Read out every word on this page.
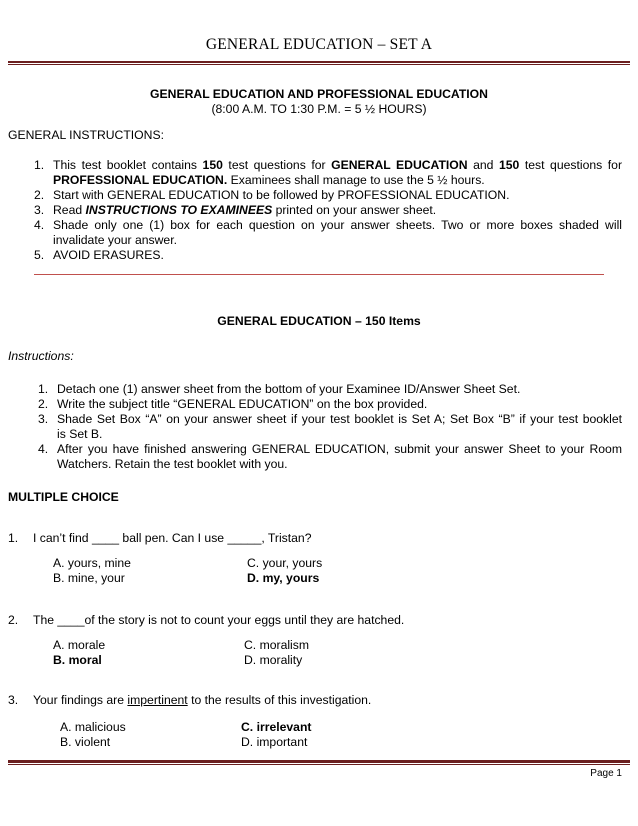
GENERAL EDUCATION – SET A
GENERAL EDUCATION AND PROFESSIONAL EDUCATION
(8:00 A.M. TO 1:30 P.M. = 5 ½ HOURS)
GENERAL INSTRUCTIONS:
1. This test booklet contains 150 test questions for GENERAL EDUCATION and 150 test questions for
PROFESSIONAL EDUCATION. Examinees shall manage to use the 5 ½ hours.
2. Start with GENERAL EDUCATION to be followed by PROFESSIONAL EDUCATION.
3. Read INSTRUCTIONS TO EXAMINEES printed on your answer sheet.
4. Shade only one (1) box for each question on your answer sheets. Two or more boxes shaded will
invalidate your answer.
5. AVOID ERASURES.
GENERAL EDUCATION – 150 Items
Instructions:
1. Detach one (1) answer sheet from the bottom of your Examinee ID/Answer Sheet Set.
2. Write the subject title “GENERAL EDUCATION” on the box provided.
3. Shade Set Box “A” on your answer sheet if your test booklet is Set A; Set Box “B” if your test booklet
is Set B.
4. After you have finished answering GENERAL EDUCATION, submit your answer Sheet to your Room
Watchers. Retain the test booklet with you.
MULTIPLE CHOICE
1. I can’t find ____ ball pen. Can I use _____, Tristan?
A. yours, mine
B. mine, your
C. your, yours
D. my, yours
2. The ____of the story is not to count your eggs until they are hatched.
A. morale
B. moral
C. moralism
D. morality
3. Your findings are impertinent to the results of this investigation.
A. malicious
B. violent
C. irrelevant
D. important
Page 1
